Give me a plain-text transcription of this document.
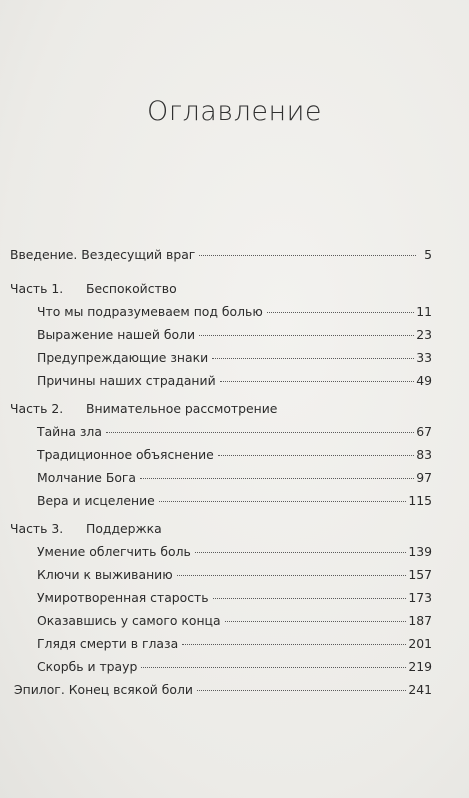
Оглавление
Введение. Вездесущий враг	5
Часть 1.	Беспокойство
Что мы подразумеваем под болью	11
Выражение нашей боли	23
Предупреждающие знаки	33
Причины наших страданий	49
Часть 2.	Внимательное рассмотрение
Тайна зла	67
Традиционное объяснение	83
Молчание Бога	97
Вера и исцеление	115
Часть 3.	Поддержка
Умение облегчить боль	139
Ключи к выживанию	157
Умиротворенная старость	173
Оказавшись у самого конца	187
Глядя смерти в глаза	201
Скорбь и траур	219
Эпилог. Конец всякой боли	241
